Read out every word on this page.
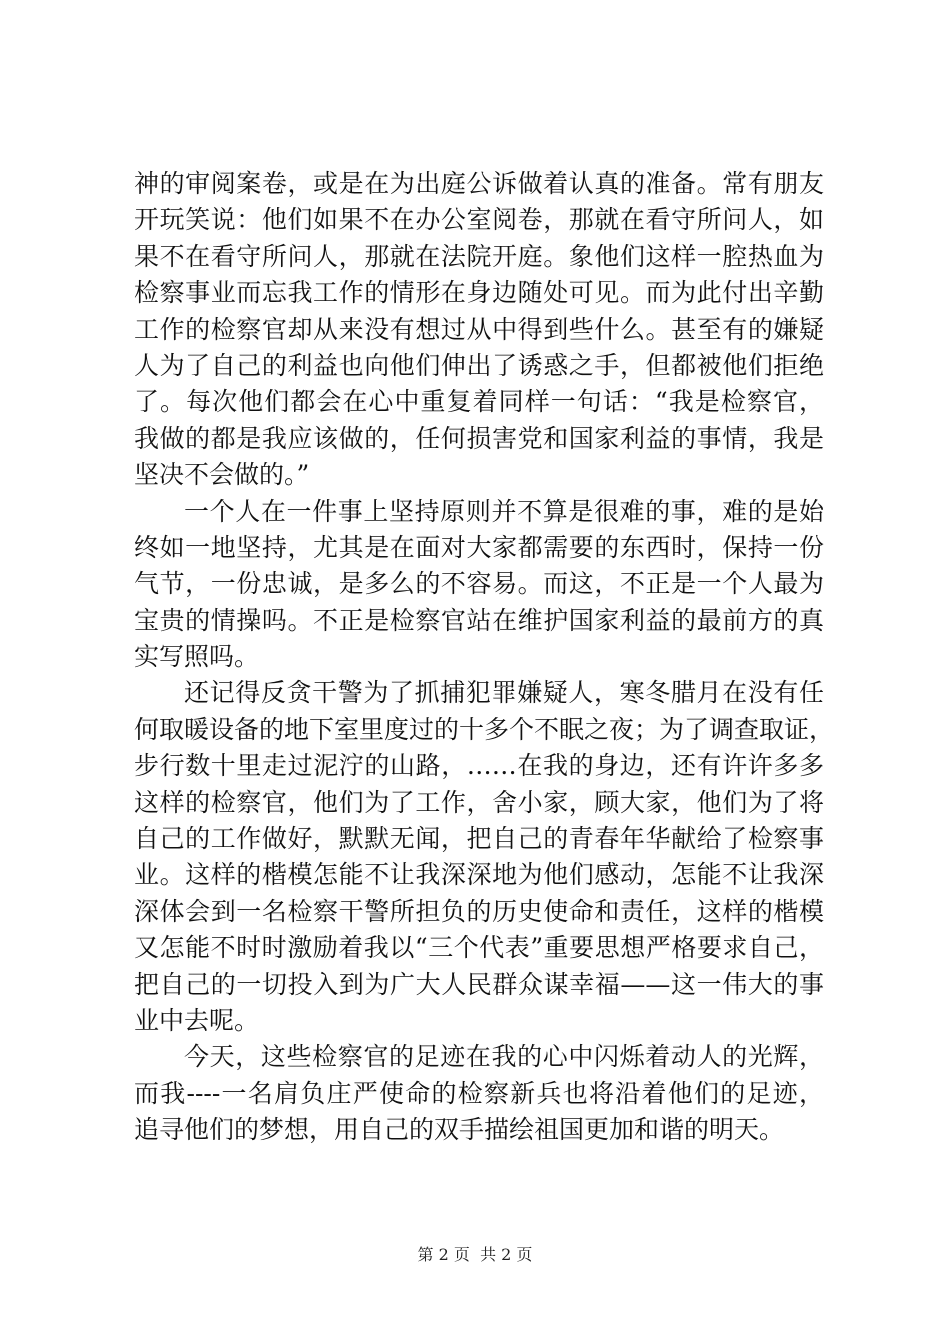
神的审阅案卷，或是在为出庭公诉做着认真的准备。常有朋友
开玩笑说：他们如果不在办公室阅卷，那就在看守所问人，如
果不在看守所问人，那就在法院开庭。象他们这样一腔热血为
检察事业而忘我工作的情形在身边随处可见。而为此付出辛勤
工作的检察官却从来没有想过从中得到些什么。甚至有的嫌疑
人为了自己的利益也向他们伸出了诱惑之手，但都被他们拒绝
了。每次他们都会在心中重复着同样一句话：“我是检察官，
我做的都是我应该做的，任何损害党和国家利益的事情，我是
坚决不会做的。”
一个人在一件事上坚持原则并不算是很难的事，难的是始
终如一地坚持，尤其是在面对大家都需要的东西时，保持一份
气节，一份忠诚，是多么的不容易。而这，不正是一个人最为
宝贵的情操吗。不正是检察官站在维护国家利益的最前方的真
实写照吗。
还记得反贪干警为了抓捕犯罪嫌疑人，寒冬腊月在没有任
何取暖设备的地下室里度过的十多个不眠之夜；为了调查取证，
步行数十里走过泥泞的山路，……在我的身边，还有许许多多
这样的检察官，他们为了工作，舍小家，顾大家，他们为了将
自己的工作做好，默默无闻，把自己的青春年华献给了检察事
业。这样的楷模怎能不让我深深地为他们感动，怎能不让我深
深体会到一名检察干警所担负的历史使命和责任，这样的楷模
又怎能不时时激励着我以“三个代表”重要思想严格要求自己，
把自己的一切投入到为广大人民群众谋幸福——这一伟大的事
业中去呢。
今天，这些检察官的足迹在我的心中闪烁着动人的光辉，
而我----一名肩负庄严使命的检察新兵也将沿着他们的足迹，
追寻他们的梦想，用自己的双手描绘祖国更加和谐的明天。
第 2 页  共 2 页
